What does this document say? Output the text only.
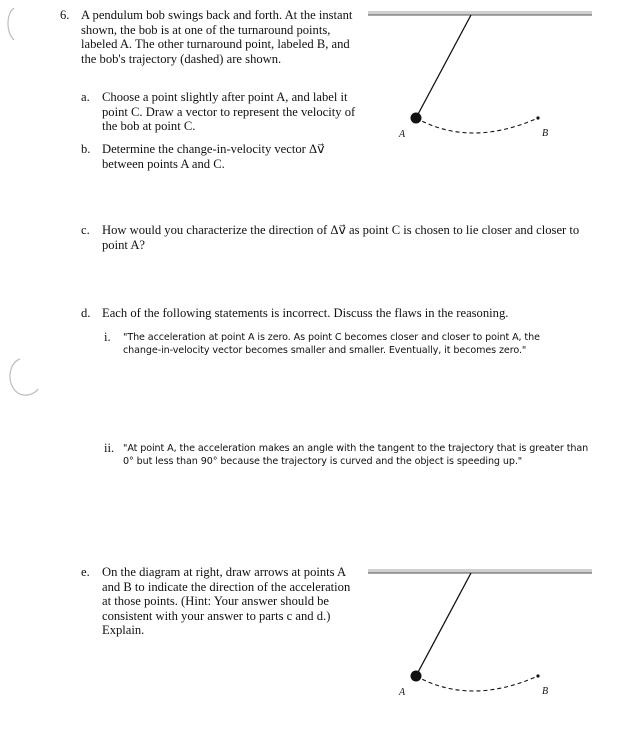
6. A pendulum bob swings back and forth. At the instant shown, the bob is at one of the turnaround points, labeled A. The other turnaround point, labeled B, and the bob's trajectory (dashed) are shown.
a. Choose a point slightly after point A, and label it point C. Draw a vector to represent the velocity of the bob at point C.
b. Determine the change-in-velocity vector Δv⃗ between points A and C.
c. How would you characterize the direction of Δv⃗ as point C is chosen to lie closer and closer to point A?
d. Each of the following statements is incorrect. Discuss the flaws in the reasoning.
i.	"The acceleration at point A is zero. As point C becomes closer and closer to point A, the change-in-velocity vector becomes smaller and smaller. Eventually, it becomes zero."
ii. "At point A, the acceleration makes an angle with the tangent to the trajectory that is greater than 0° but less than 90° because the trajectory is curved and the object is speeding up."
e. On the diagram at right, draw arrows at points A and B to indicate the direction of the acceleration at those points. (Hint: Your answer should be consistent with your answer to parts c and d.) Explain.
A	B
A	B
